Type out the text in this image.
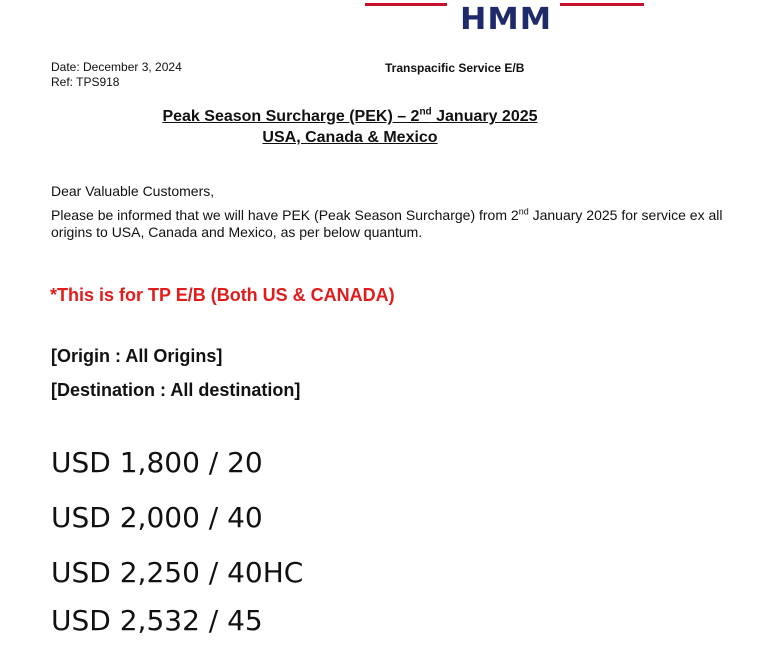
HMM
Date: December 3, 2024
Ref: TPS918
Transpacific Service E/B
Peak Season Surcharge (PEK) – 2nd January 2025
USA, Canada & Mexico
Dear Valuable Customers,
Please be informed that we will have PEK (Peak Season Surcharge) from 2nd January 2025 for service ex all origins to USA, Canada and Mexico, as per below quantum.
*This is for TP E/B (Both US & CANADA)
[Origin : All Origins]
[Destination : All destination]
USD 1,800 / 20
USD 2,000 / 40
USD 2,250 / 40HC
USD 2,532 / 45
